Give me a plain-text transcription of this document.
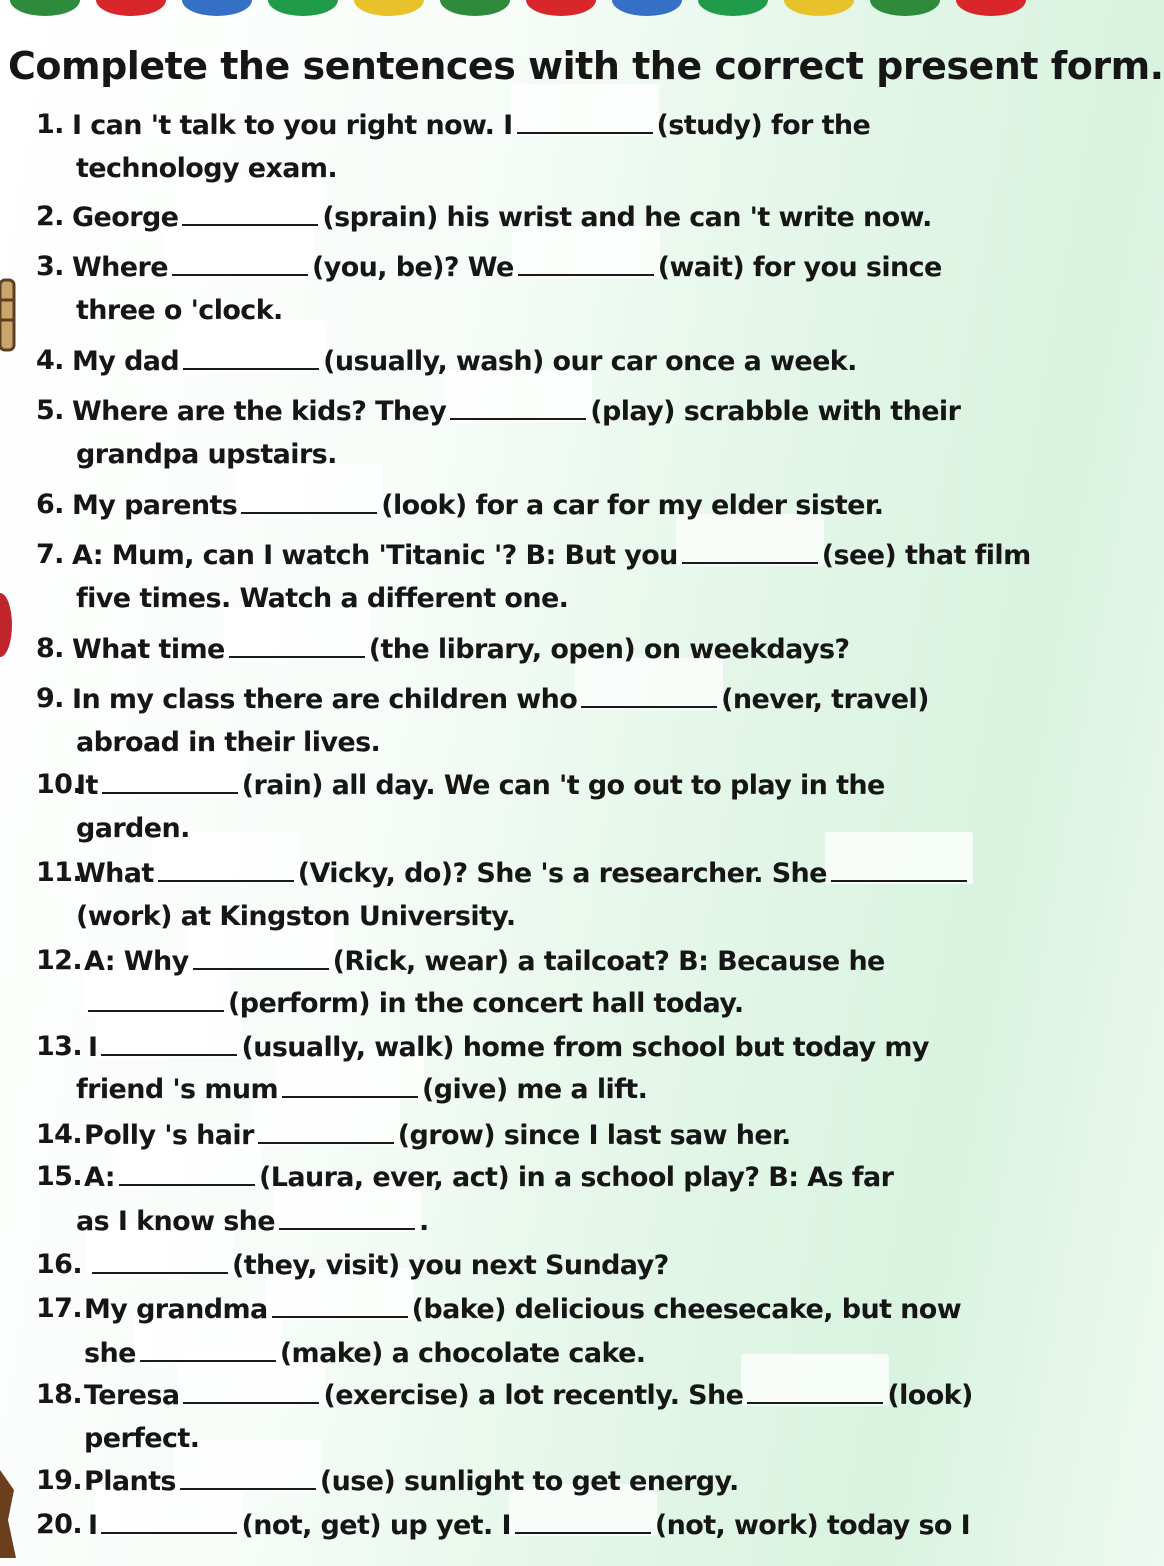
Complete the sentences with the correct present form.
1. I can 't talk to you right now. I	(study) for the
technology exam.
2. George	(sprain) his wrist and he can 't write now.
3. Where	(you, be)? We	(wait) for you since
three o 'clock.
4. My dad	(usually, wash) our car once a week.
5. Where are the kids? They	(play) scrabble with their
grandpa upstairs.
6. My parents	(look) for a car for my elder sister.
7. A: Mum, can I watch 'Titanic '? B: But you	(see) that film
five times. Watch a different one.
8. What time	(the library, open) on weekdays?
9. In my class there are children who	(never, travel)
abroad in their lives.
10.
It	(rain) all day. We can 't go out to play in the
garden.
11.
What	(Vicky, do)? She 's a researcher. She
(work) at Kingston University.
12. A: Why	(Rick, wear) a tailcoat? B: Because he
(perform) in the concert hall today.
13. I	(usually, walk) home from school but today my
friend 's mum	(give) me a lift.
14. Polly 's hair	(grow) since I last saw her.
15. A:	(Laura, ever, act) in a school play? B: As far
as I know she	.
16.	(they, visit) you next Sunday?
17. My grandma	(bake) delicious cheesecake, but now
she	(make) a chocolate cake.
18. Teresa	(exercise) a lot recently. She	(look)
perfect.
19. Plants	(use) sunlight to get energy.
20. I	(not, get) up yet. I	(not, work) today so I
